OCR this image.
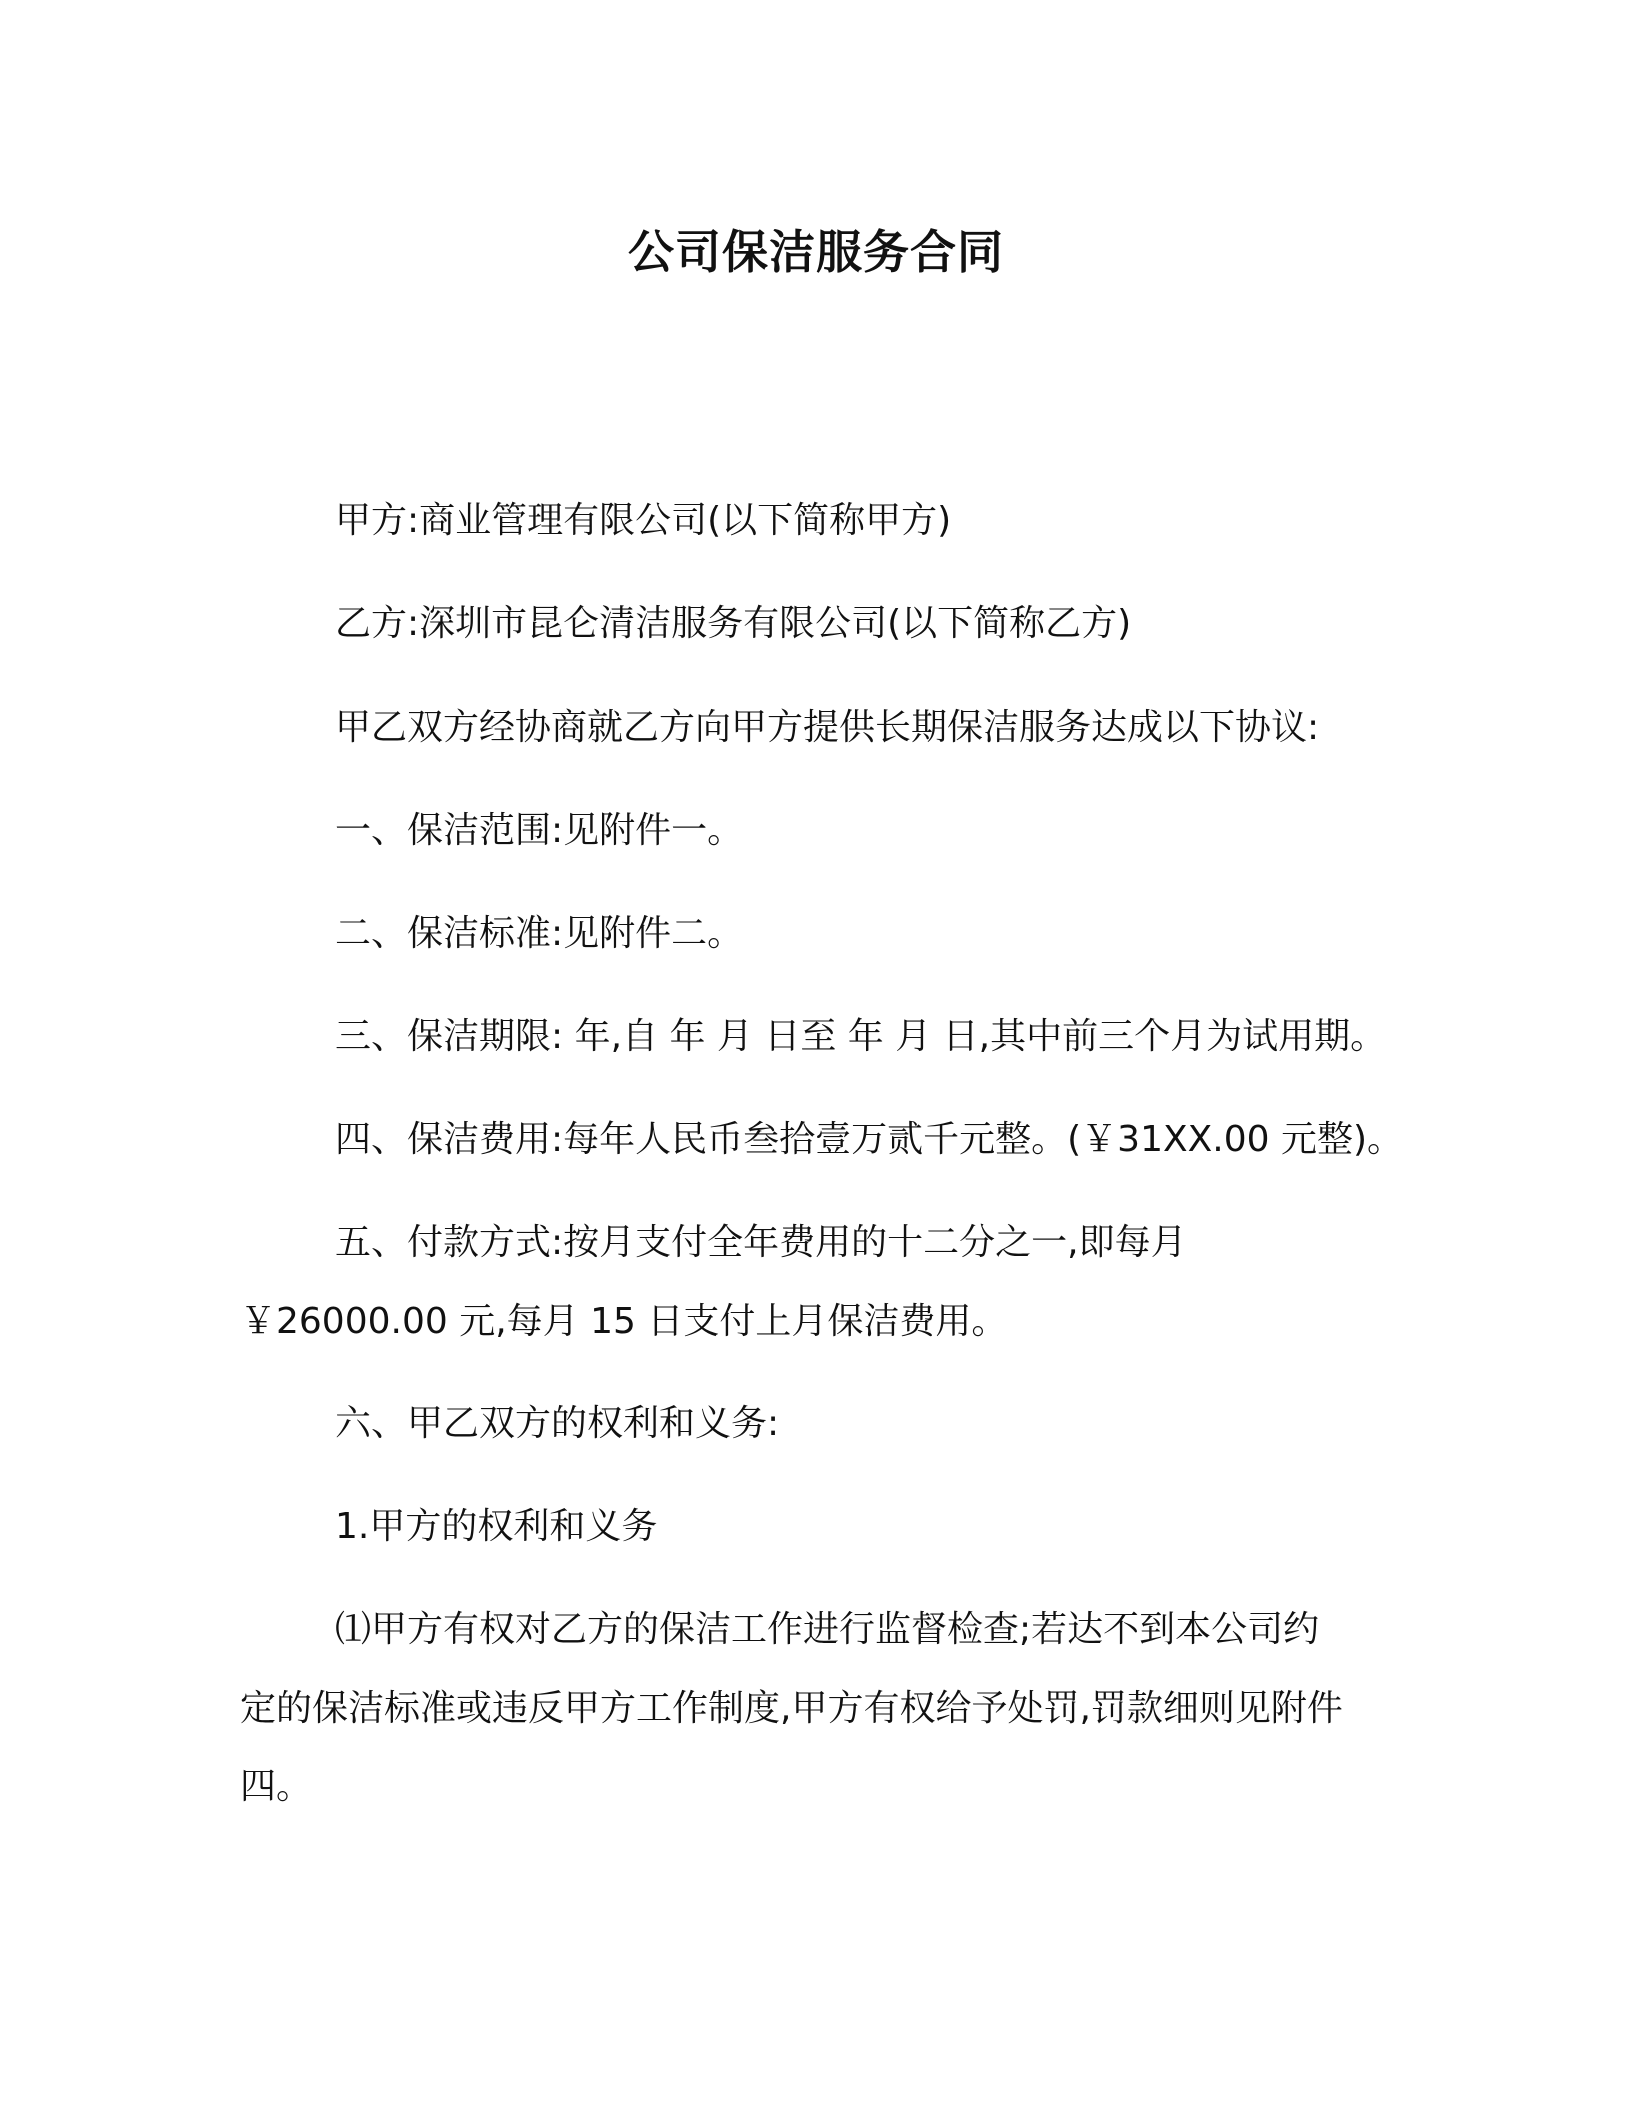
公司保洁服务合同

甲方:商业管理有限公司(以下简称甲方)

乙方:深圳市昆仑清洁服务有限公司(以下简称乙方)

甲乙双方经协商就乙方向甲方提供长期保洁服务达成以下协议:

一、保洁范围:见附件一。

二、保洁标准:见附件二。

三、保洁期限: 年,自 年 月 日至 年 月 日,其中前三个月为试用期。

四、保洁费用:每年人民币叁拾壹万贰千元整。(￥31XX.00 元整)。

五、付款方式:按月支付全年费用的十二分之一,即每月

￥26000.00 元,每月 15 日支付上月保洁费用。

六、甲乙双方的权利和义务:

1.甲方的权利和义务

⑴甲方有权对乙方的保洁工作进行监督检查;若达不到本公司约

定的保洁标准或违反甲方工作制度,甲方有权给予处罚,罚款细则见附件

四。
